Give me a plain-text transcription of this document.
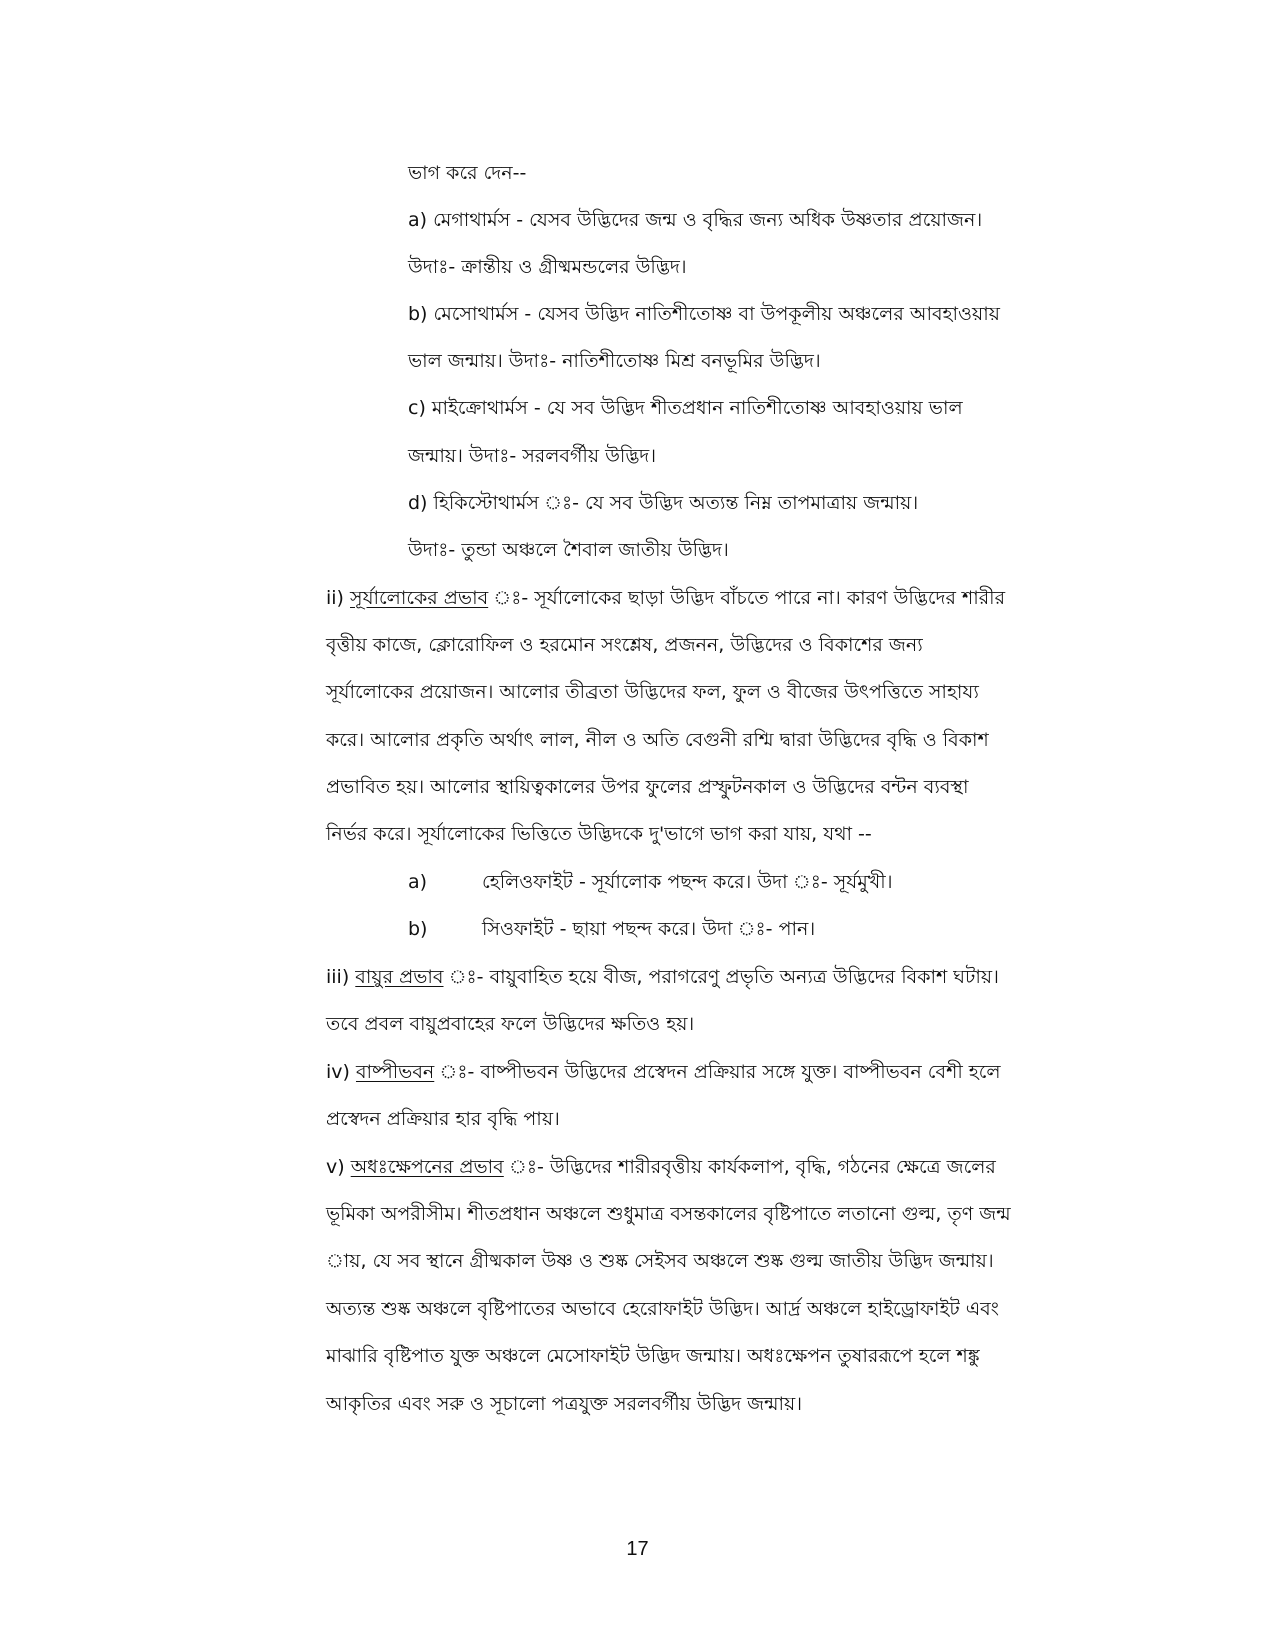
ভাগ করে দেন--
a) মেগাথার্মস - যেসব উদ্ভিদের জন্ম ও বৃদ্ধির জন্য অধিক উষ্ণতার প্রয়োজন।
উদাঃ- ক্রান্তীয় ও গ্রীষ্মমন্ডলের উদ্ভিদ।
b) মেসোথার্মস - যেসব উদ্ভিদ নাতিশীতোষ্ণ বা উপকূলীয় অঞ্চলের আবহাওয়ায়
ভাল জন্মায়। উদাঃ- নাতিশীতোষ্ণ মিশ্র বনভূমির উদ্ভিদ।
c) মাইক্রোথার্মস - যে সব উদ্ভিদ শীতপ্রধান নাতিশীতোষ্ণ আবহাওয়ায় ভাল
জন্মায়। উদাঃ- সরলবর্গীয় উদ্ভিদ।
d) হিকিস্টোথার্মস ঃ- যে সব উদ্ভিদ অত্যন্ত নিম্ন তাপমাত্রায় জন্মায়।
উদাঃ- তুন্ডা অঞ্চলে শৈবাল জাতীয় উদ্ভিদ।
ii) সূর্যালোকের প্রভাব ঃ- সূর্যালোকের ছাড়া উদ্ভিদ বাঁচতে পারে না। কারণ উদ্ভিদের শারীর
বৃত্তীয় কাজে, ক্লোরোফিল ও হরমোন সংশ্লেষ, প্রজনন, উদ্ভিদের ও বিকাশের জন্য
সূর্যালোকের প্রয়োজন। আলোর তীব্রতা উদ্ভিদের ফল, ফুল ও বীজের উৎপত্তিতে সাহায্য
করে। আলোর প্রকৃতি অর্থাৎ লাল, নীল ও অতি বেগুনী রশ্মি দ্বারা উদ্ভিদের বৃদ্ধি ও বিকাশ
প্রভাবিত হয়। আলোর স্থায়িত্বকালের উপর ফুলের প্রস্ফুটনকাল ও উদ্ভিদের বন্টন ব্যবস্থা
নির্ভর করে। সূর্যালোকের ভিত্তিতে উদ্ভিদকে দু'ভাগে ভাগ করা যায়, যথা --
a)	হেলিওফাইট - সূর্যালোক পছন্দ করে। উদা ঃ- সূর্যমুখী।
b)	সিওফাইট - ছায়া পছন্দ করে। উদা ঃ- পান।
iii) বায়ুর প্রভাব ঃ- বায়ুবাহিত হয়ে বীজ, পরাগরেণু প্রভৃতি অন্যত্র উদ্ভিদের বিকাশ ঘটায়।
তবে প্রবল বায়ুপ্রবাহের ফলে উদ্ভিদের ক্ষতিও হয়।
iv) বাষ্পীভবন ঃ- বাষ্পীভবন উদ্ভিদের প্রস্বেদন প্রক্রিয়ার সঙ্গে যুক্ত। বাষ্পীভবন বেশী হলে
প্রস্বেদন প্রক্রিয়ার হার বৃদ্ধি পায়।
v) অধঃক্ষেপনের প্রভাব ঃ- উদ্ভিদের শারীরবৃত্তীয় কার্যকলাপ, বৃদ্ধি, গঠনের ক্ষেত্রে জলের
ভূমিকা অপরীসীম। শীতপ্রধান অঞ্চলে শুধুমাত্র বসন্তকালের বৃষ্টিপাতে লতানো গুল্ম, তৃণ জন্ম
ায়, যে সব স্থানে গ্রীষ্মকাল উষ্ণ ও শুষ্ক সেইসব অঞ্চলে শুষ্ক গুল্ম জাতীয় উদ্ভিদ জন্মায়।
অত্যন্ত শুষ্ক অঞ্চলে বৃষ্টিপাতের অভাবে হেরোফাইট উদ্ভিদ। আর্দ্র অঞ্চলে হাইড্রোফাইট এবং
মাঝারি বৃষ্টিপাত যুক্ত অঞ্চলে মেসোফাইট উদ্ভিদ জন্মায়। অধঃক্ষেপন তুষাররূপে হলে শঙ্কু
আকৃতির এবং সরু ও সূচালো পত্রযুক্ত সরলবর্গীয় উদ্ভিদ জন্মায়।
17
